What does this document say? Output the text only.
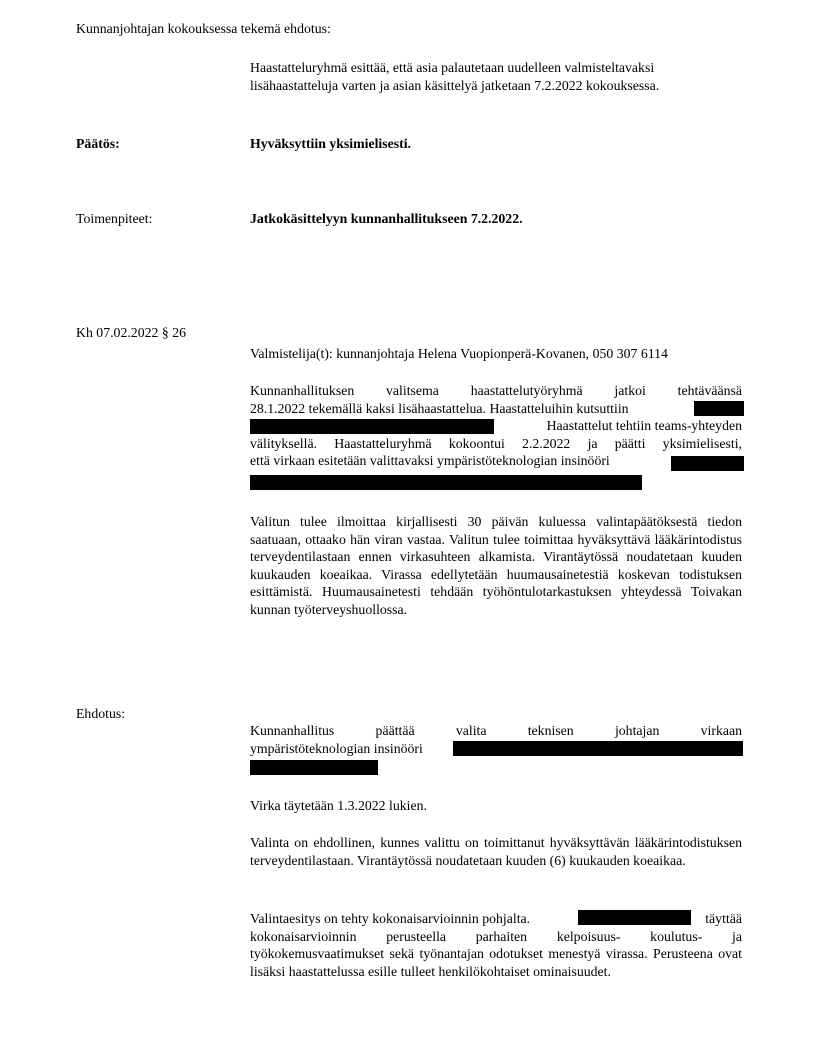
Kunnanjohtajan kokouksessa tekemä ehdotus:
Haastatteluryhmä esittää, että asia palautetaan uudelleen valmisteltavaksi
lisähaastatteluja varten ja asian käsittelyä jatketaan 7.2.2022 kokouksessa.
Päätös:	Hyväksyttiin yksimielisesti.
Toimenpiteet:	Jatkokäsittelyyn kunnanhallitukseen 7.2.2022.
Kh 07.02.2022 § 26
Valmistelija(t): kunnanjohtaja Helena Vuopionperä-Kovanen, 050 307 6114
Kunnanhallituksen valitsema haastattelutyöryhmä jatkoi tehtäväänsä
28.1.2022 tekemällä kaksi lisähaastattelua. Haastatteluihin kutsuttiin
Haastattelut tehtiin teams-yhteyden
välityksellä. Haastatteluryhmä kokoontui 2.2.2022 ja päätti yksimielisesti,
että virkaan esitetään valittavaksi ympäristöteknologian insinööri
Valitun tulee ilmoittaa kirjallisesti 30 päivän kuluessa valintapäätöksestä tiedon saatuaan, ottaako hän viran vastaa. Valitun tulee toimittaa hyväksyttävä lääkärintodistus terveydentilastaan ennen virkasuhteen alkamista. Virantäytössä noudatetaan kuuden kuukauden koeaikaa. Virassa edellytetään huumausainetestiä koskevan todistuksen esittämistä. Huumausainetesti tehdään työhöntulotarkastuksen yhteydessä Toivakan kunnan työterveyshuollossa.
Ehdotus:
Kunnanhallitus päättää valita teknisen johtajan virkaan
ympäristöteknologian insinööri
Virka täytetään 1.3.2022 lukien.
Valinta on ehdollinen, kunnes valittu on toimittanut hyväksyttävän lääkärintodistuksen terveydentilastaan. Virantäytössä noudatetaan kuuden (6) kuukauden koeaikaa.
Valintaesitys on tehty kokonaisarvioinnin pohjalta.	täyttää
kokonaisarvioinnin perusteella parhaiten kelpoisuus- koulutus- ja työkokemusvaatimukset sekä työnantajan odotukset menestyä virassa. Perusteena ovat lisäksi haastattelussa esille tulleet henkilökohtaiset ominaisuudet.
